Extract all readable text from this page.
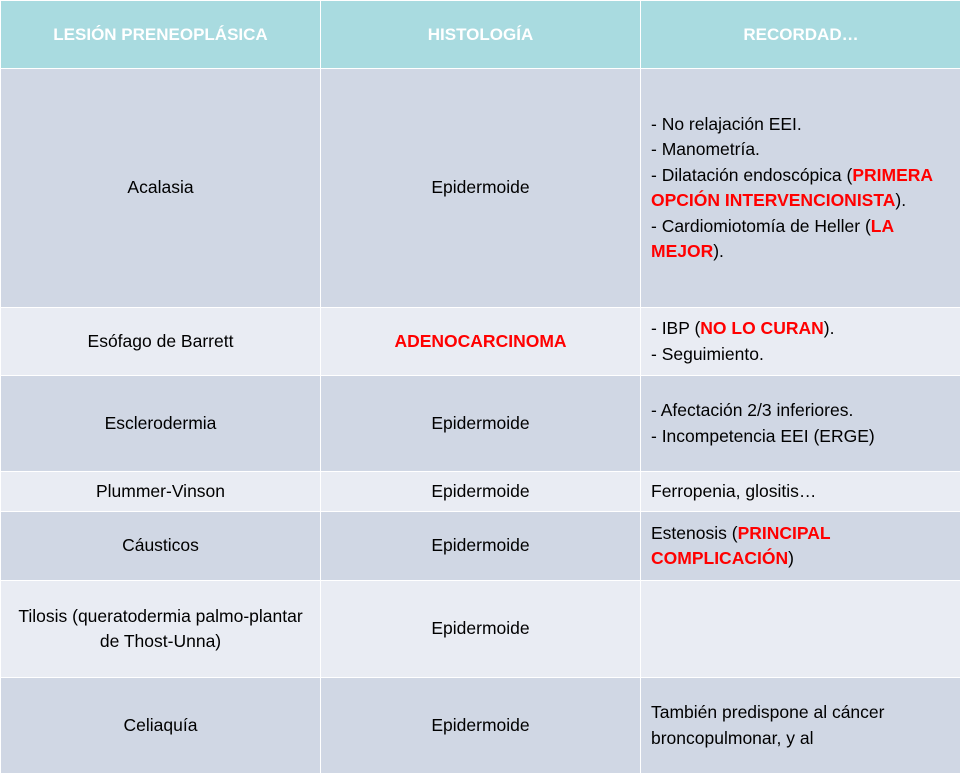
LESIÓN PRENEOPLÁSICA	HISTOLOGÍA	RECORDAD…
Acalasia	Epidermoide	- No relajación EEI.
- Manometría.
- Dilatación endoscópica (PRIMERA OPCIÓN INTERVENCIONISTA).
- Cardiomiotomía de Heller (LA MEJOR).

Esófago de Barrett	ADENOCARCINOMA	- IBP (NO LO CURAN).
- Seguimiento.

Esclerodermia	Epidermoide	- Afectación 2/3 inferiores.
- Incompetencia EEI (ERGE)

Plummer-Vinson	Epidermoide	Ferropenia, glositis…
Cáusticos	Epidermoide	Estenosis (PRINCIPAL COMPLICACIÓN)
Tilosis (queratodermia palmo-plantar de Thost-Unna)	Epidermoide	
Celiaquía	Epidermoide	También predispone al cáncer broncopulmonar, y al
